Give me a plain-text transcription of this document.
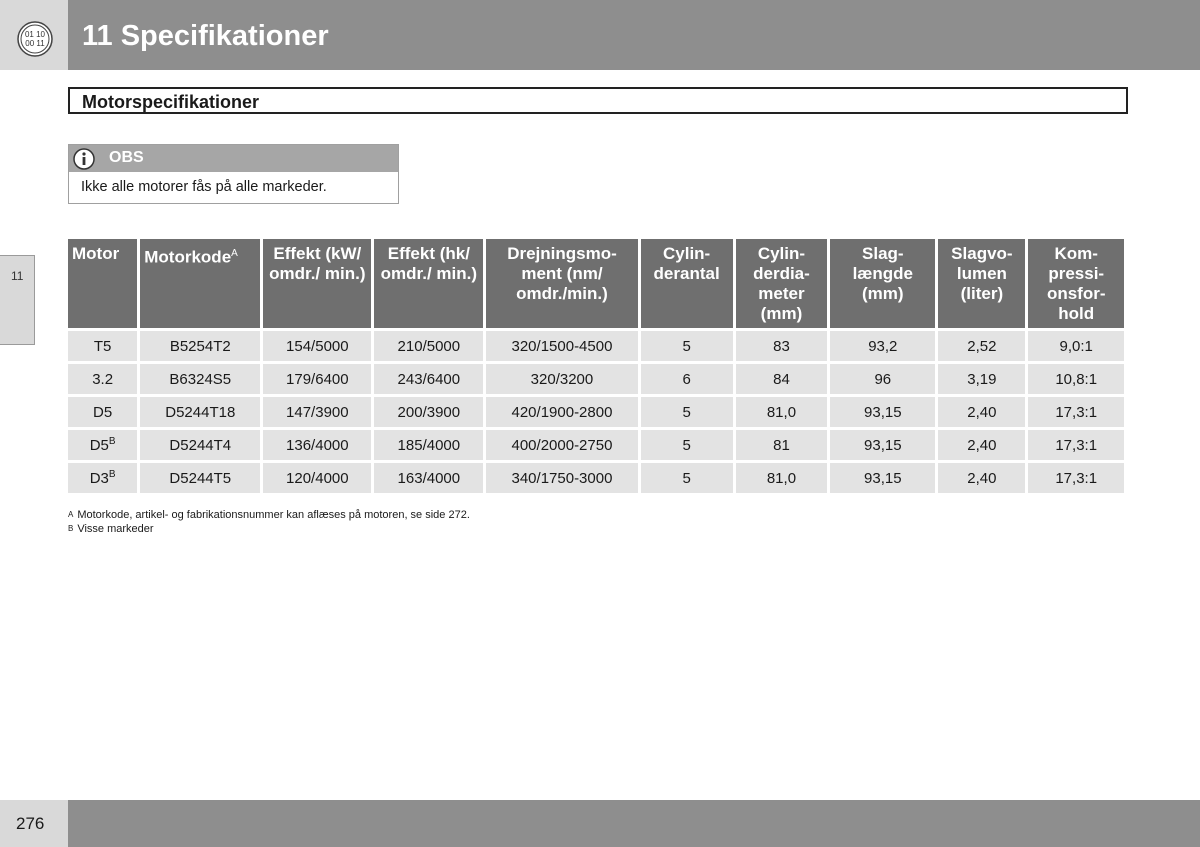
01 10
00 11 11 Specifikationer
11
Motorspecifikationer
OBS
Ikke alle motorer fås på alle markeder.
Motor	Motorkode$^A$	Effekt (kW/ omdr./ min.)	Effekt (hk/ omdr./ min.)	Drejningsmo- ment (nm/ omdr./min.)	Cylin- derantal	Cylin- derdia- meter (mm)	Slag- længde (mm)	Slagvo- lumen (liter)	Kom- pressi- onsfor- hold
T5	B5254T2	154/5000	210/5000	320/1500-4500	5	83	93,2	2,52	9,0:1
3.2	B6324S5	179/6400	243/6400	320/3200	6	84	96	3,19	10,8:1
D5	D5244T18	147/3900	200/3900	420/1900-2800	5	81,0	93,15	2,40	17,3:1
$D5^B$	D5244T4	136/4000	185/4000	400/2000-2750	5	81	93,15	2,40	17,3:1
$D3^B$	D5244T5	120/4000	163/4000	340/1750-3000	5	81,0	93,15	2,40	17,3:1
$^A$ Motorkode, artikel- og fabrikationsnummer kan aflæses på motoren, se side 272.
$^B$ Visse markeder
276
